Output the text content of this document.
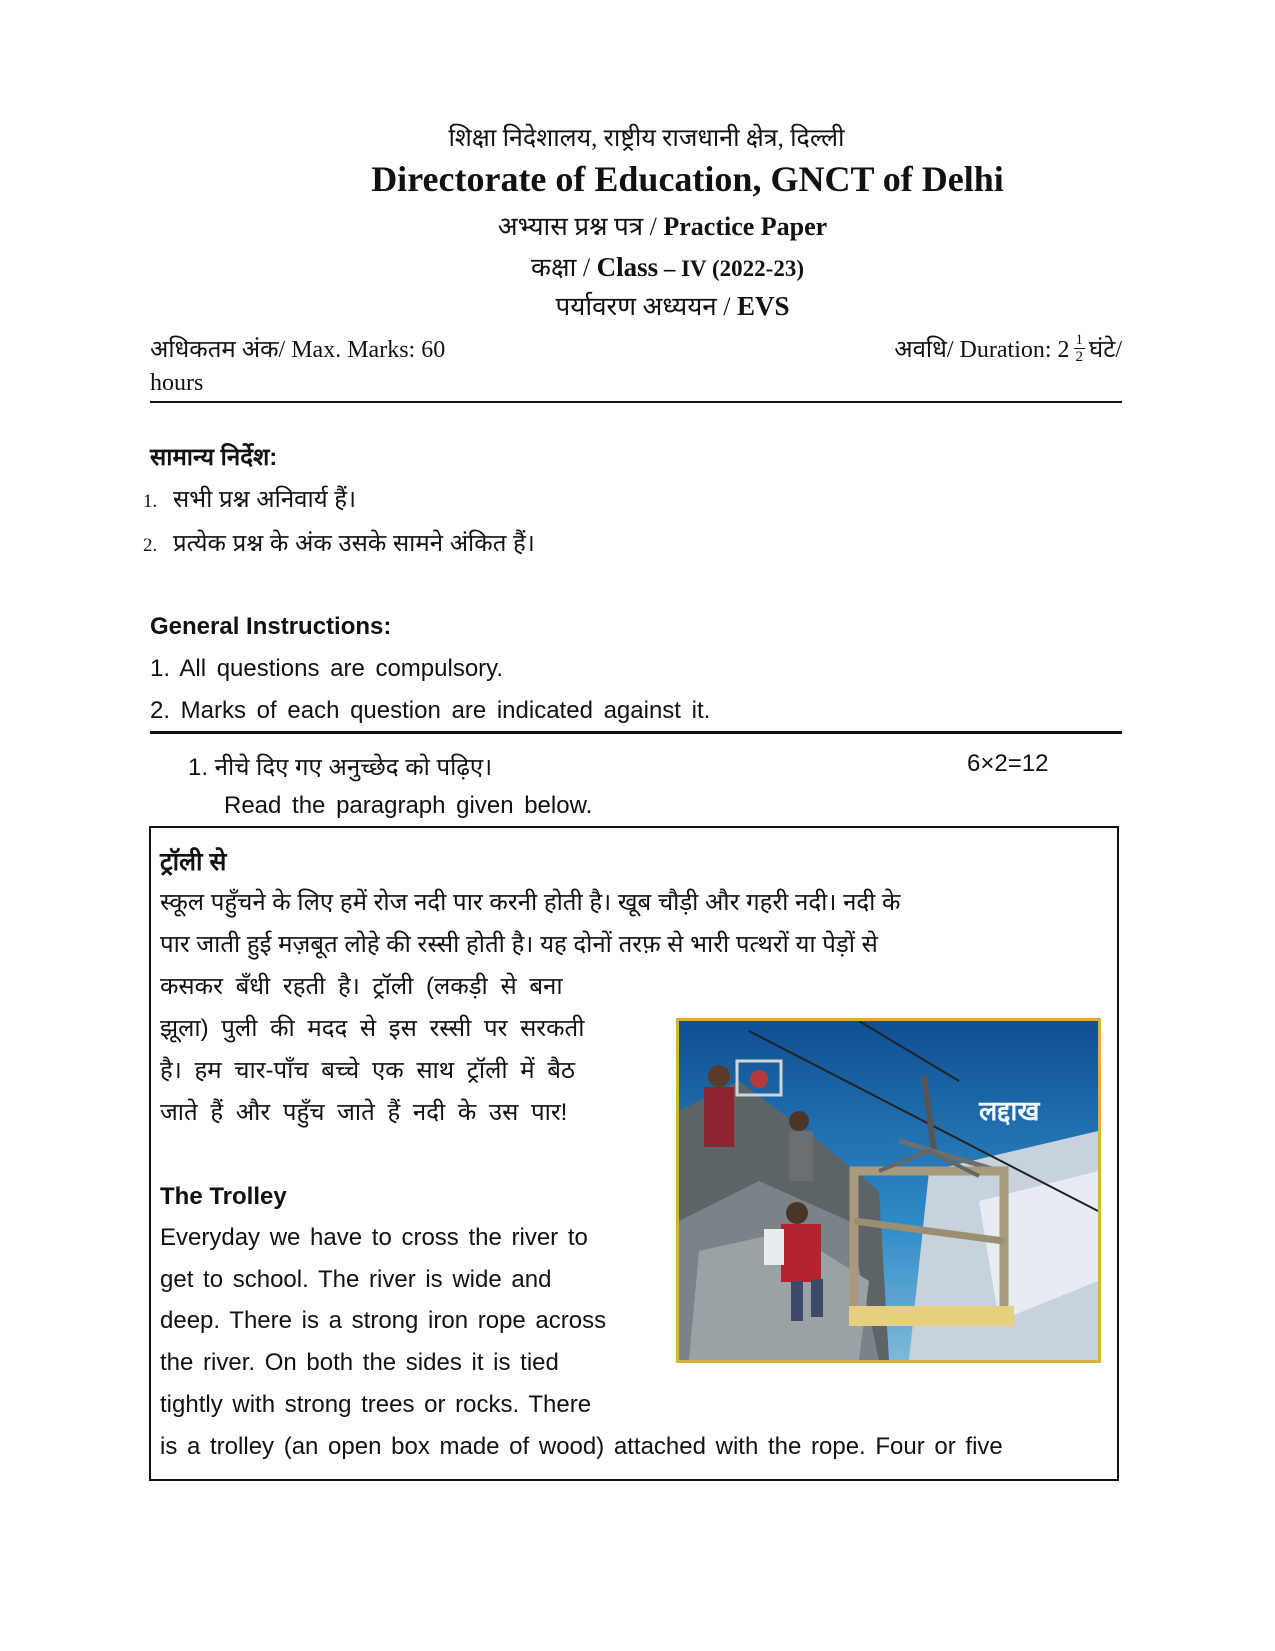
शिक्षा निदेशालय, राष्ट्रीय राजधानी क्षेत्र, दिल्ली
Directorate of Education, GNCT of Delhi
अभ्यास प्रश्न पत्र / Practice Paper
कक्षा / Class – IV (2022-23)
पर्यावरण अध्ययन / EVS
अधिकतम अंक/ Max. Marks: 60	अवधि/ Duration: $2 \frac{1}{2}$ घंटे/
hours
सामान्य निर्देश:
1. सभी प्रश्न अनिवार्य हैं।
2. प्रत्येक प्रश्न के अंक उसके सामने अंकित हैं।
General Instructions:
1. All questions are compulsory.
2. Marks of each question are indicated against it.
1. नीचे दिए गए अनुच्छेद को पढ़िए।	6×2=12
Read the paragraph given below.
ट्रॉली से
स्कूल पहुँचने के लिए हमें रोज नदी पार करनी होती है। खूब चौड़ी और गहरी नदी। नदी के
पार जाती हुई मज़बूत लोहे की रस्सी होती है। यह दोनों तरफ़ से भारी पत्थरों या पेड़ों से
कसकर बँधी रहती है। ट्रॉली (लकड़ी से बना
झूला) पुली की मदद से इस रस्सी पर सरकती
है। हम चार-पाँच बच्चे एक साथ ट्रॉली में बैठ
जाते हैं और पहुँच जाते हैं नदी के उस पार!
The Trolley
Everyday we have to cross the river to
get to school. The river is wide and
deep. There is a strong iron rope across
the river. On both the sides it is tied
tightly with strong trees or rocks. There
is a trolley (an open box made of wood) attached with the rope. Four or five
लद्दाख
